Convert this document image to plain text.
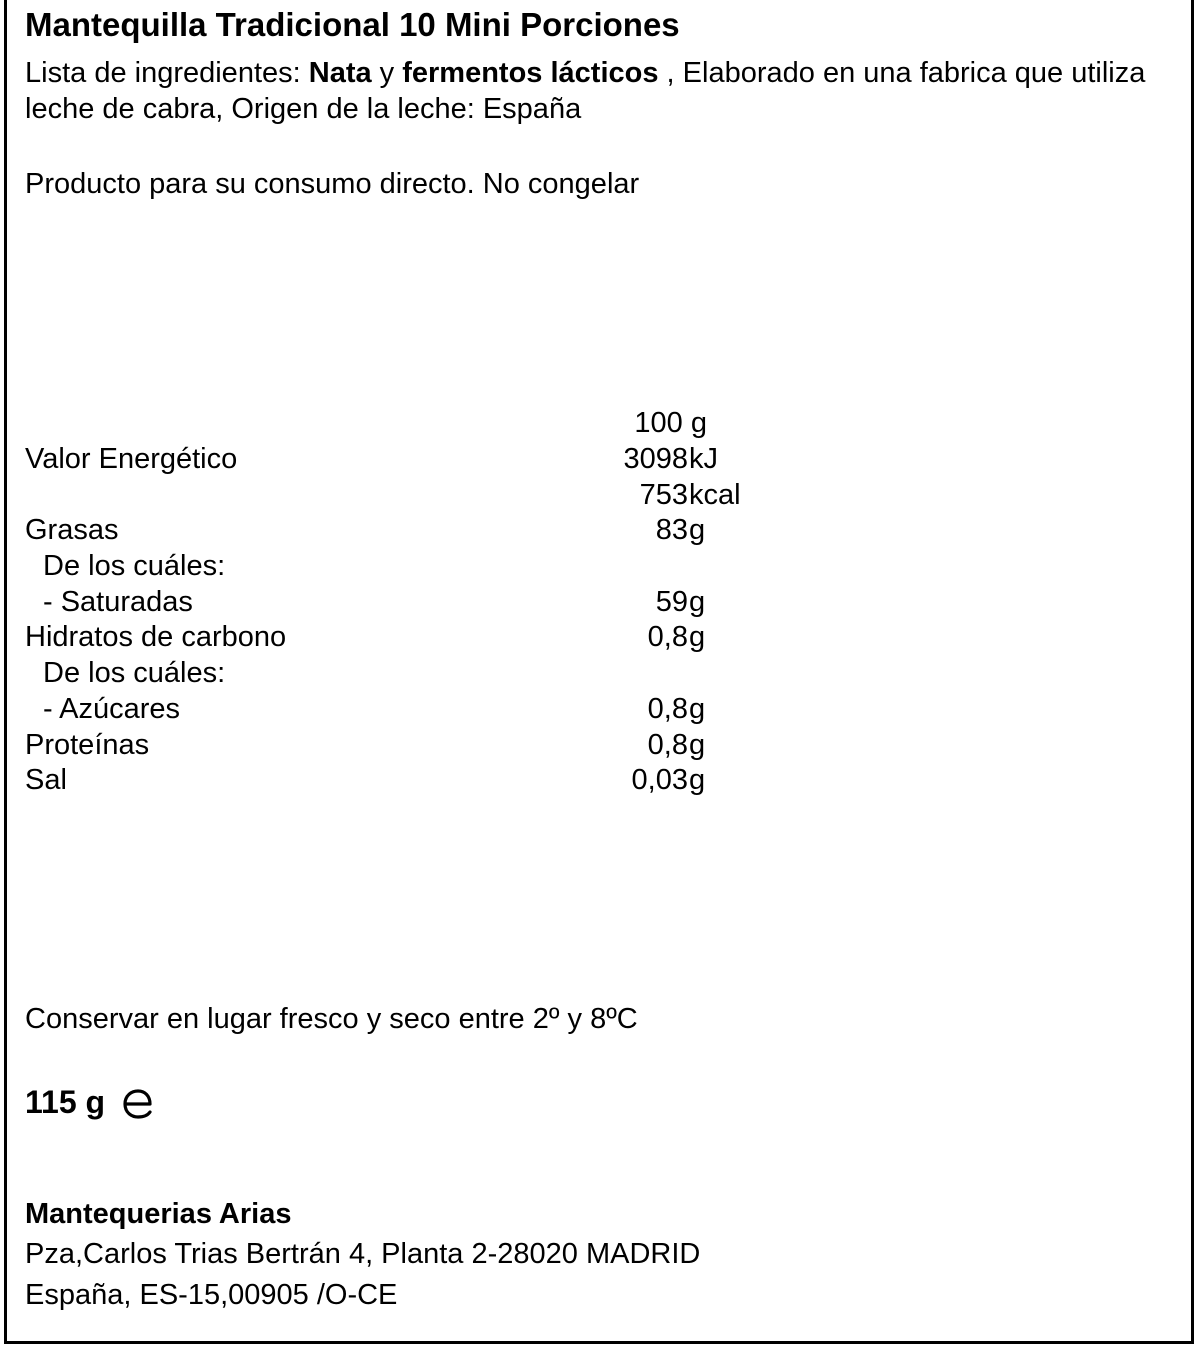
Mantequilla Tradicional 10 Mini Porciones
Lista de ingredientes: Nata y fermentos lácticos , Elaborado en una fabrica que utiliza leche de cabra, Origen de la leche: España
Producto para su consumo directo. No congelar
100 g
Valor Energético	3098 kJ
753 kcal
Grasas	83 g
De los cuáles:
- Saturadas	59 g
Hidratos de carbono	0,8 g
De los cuáles:
- Azúcares	0,8 g
Proteínas	0,8 g
Sal	0,03 g
Conservar en lugar fresco y seco entre 2º y 8ºC
115 g
Mantequerias Arias
Pza,Carlos Trias Bertrán 4, Planta 2-28020 MADRID
España, ES-15,00905 /O-CE
